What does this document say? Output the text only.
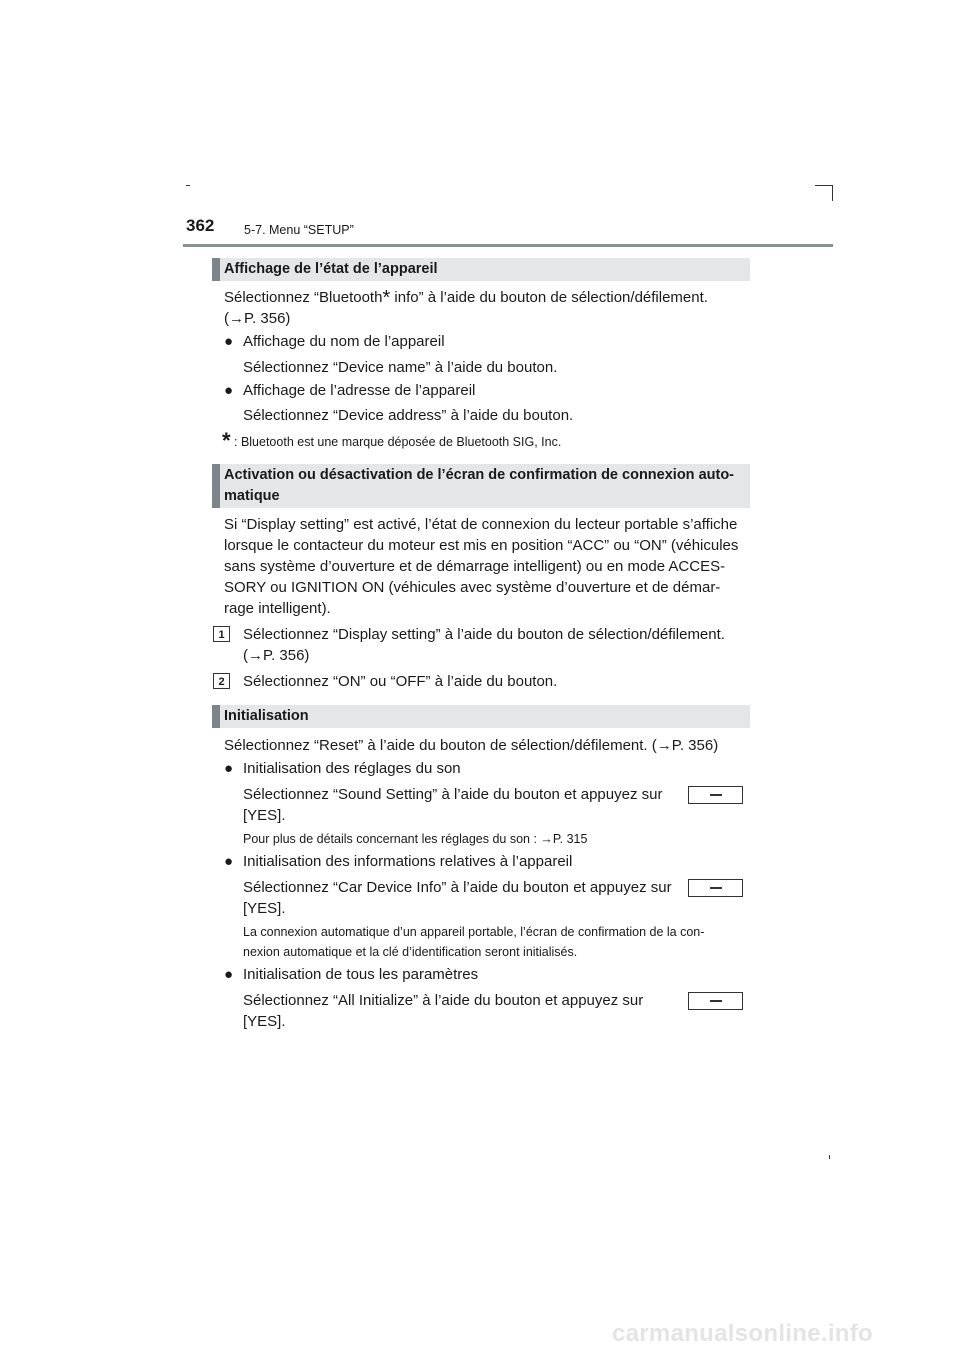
362 5-7. Menu “SETUP”
Affichage de l’état de l’appareil
Sélectionnez “Bluetooth* info” à l’aide du bouton de sélection/défilement.
(→P. 356)
● Affichage du nom de l’appareil
Sélectionnez “Device name” à l’aide du bouton.
● Affichage de l’adresse de l’appareil
Sélectionnez “Device address” à l’aide du bouton.
* : Bluetooth est une marque déposée de Bluetooth SIG, Inc.
Activation ou désactivation de l’écran de confirmation de connexion auto-
matique
Si “Display setting” est activé, l’état de connexion du lecteur portable s’affiche
lorsque le contacteur du moteur est mis en position “ACC” ou “ON” (véhicules
sans système d’ouverture et de démarrage intelligent) ou en mode ACCES-
SORY ou IGNITION ON (véhicules avec système d’ouverture et de démar-
rage intelligent).
1	Sélectionnez “Display setting” à l’aide du bouton de sélection/défilement.
(→P. 356)
2	Sélectionnez “ON” ou “OFF” à l’aide du bouton.
Initialisation
Sélectionnez “Reset” à l’aide du bouton de sélection/défilement. (→P. 356)
● Initialisation des réglages du son
Sélectionnez “Sound Setting” à l’aide du bouton et appuyez sur
[YES].
Pour plus de détails concernant les réglages du son : →P. 315
● Initialisation des informations relatives à l’appareil
Sélectionnez “Car Device Info” à l’aide du bouton et appuyez sur
[YES].
La connexion automatique d’un appareil portable, l’écran de confirmation de la con-
nexion automatique et la clé d’identification seront initialisés.
● Initialisation de tous les paramètres
Sélectionnez “All Initialize” à l’aide du bouton et appuyez sur
[YES].
carmanualsonline.info
